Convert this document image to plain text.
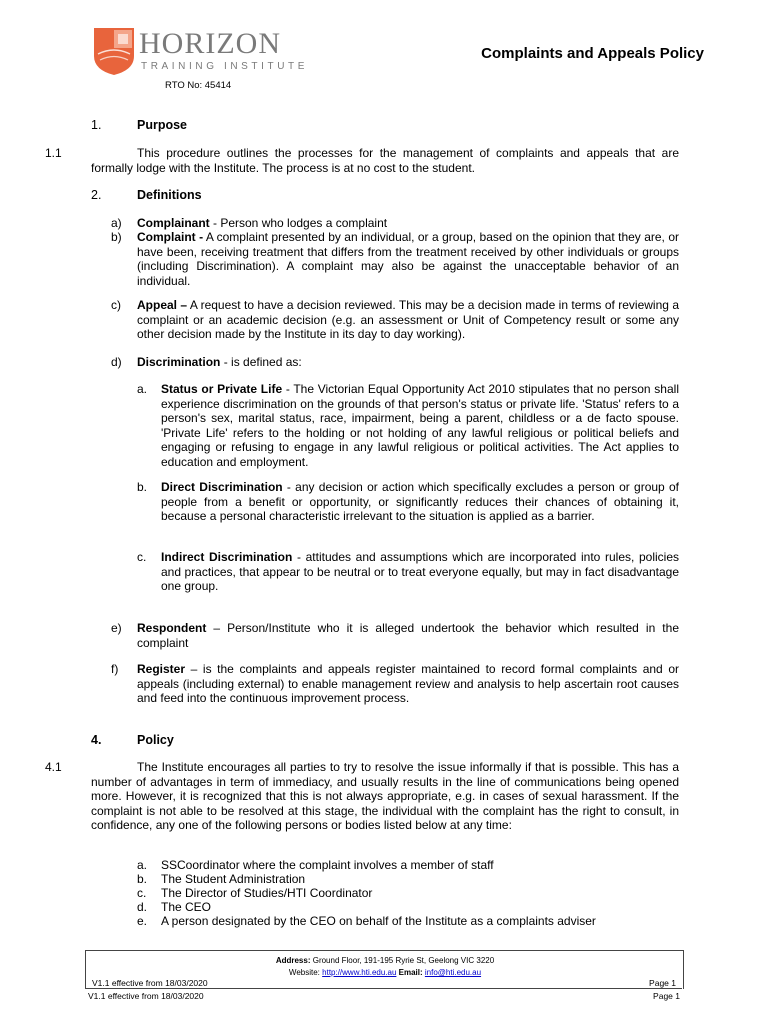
HORIZON
TRAINING INSTITUTE
Complaints and Appeals Policy
RTO No: 45414
1.	Purpose
1.1	This procedure outlines the processes for the management of complaints and appeals that are formally lodge with the Institute. The process is at no cost to the student.
2.	Definitions
a) Complainant - Person who lodges a complaint
b) Complaint - A complaint presented by an individual, or a group, based on the opinion that they are, or have been, receiving treatment that differs from the treatment received by other individuals or groups (including Discrimination). A complaint may also be against the unacceptable behavior of an individual.
c) Appeal – A request to have a decision reviewed. This may be a decision made in terms of reviewing a complaint or an academic decision (e.g. an assessment or Unit of Competency result or some any other decision made by the Institute in its day to day working).
d) Discrimination - is defined as:
a. Status or Private Life - The Victorian Equal Opportunity Act 2010 stipulates that no person shall experience discrimination on the grounds of that person's status or private life. 'Status' refers to a person's sex, marital status, race, impairment, being a parent, childless or a de facto spouse. 'Private Life' refers to the holding or not holding of any lawful religious or political beliefs and engaging or refusing to engage in any lawful religious or political activities. The Act applies to education and employment.
b. Direct Discrimination - any decision or action which specifically excludes a person or group of people from a benefit or opportunity, or significantly reduces their chances of obtaining it, because a personal characteristic irrelevant to the situation is applied as a barrier.
c. Indirect Discrimination - attitudes and assumptions which are incorporated into rules, policies and practices, that appear to be neutral or to treat everyone equally, but may in fact disadvantage one group.
e) Respondent – Person/Institute who it is alleged undertook the behavior which resulted in the complaint
f) Register – is the complaints and appeals register maintained to record formal complaints and or appeals (including external) to enable management review and analysis to help ascertain root causes and feed into the continuous improvement process.
4.	Policy
4.1	The Institute encourages all parties to try to resolve the issue informally if that is possible. This has a number of advantages in term of immediacy, and usually results in the line of communications being opened more. However, it is recognized that this is not always appropriate, e.g. in cases of sexual harassment. If the complaint is not able to be resolved at this stage, the individual with the complaint has the right to consult, in confidence, any one of the following persons or bodies listed below at any time:
a. SSCoordinator where the complaint involves a member of staff
b. The Student Administration
c. The Director of Studies/HTI Coordinator
d. The CEO
e. A person designated by the CEO on behalf of the Institute as a complaints adviser
Address: Ground Floor, 191-195 Ryrie St, Geelong VIC 3220
Website: http://www.hti.edu.au Email: info@hti.edu.au
V1.1 effective from 18/03/2020	Page 1
V1.1 effective from 18/03/2020	Page 1
